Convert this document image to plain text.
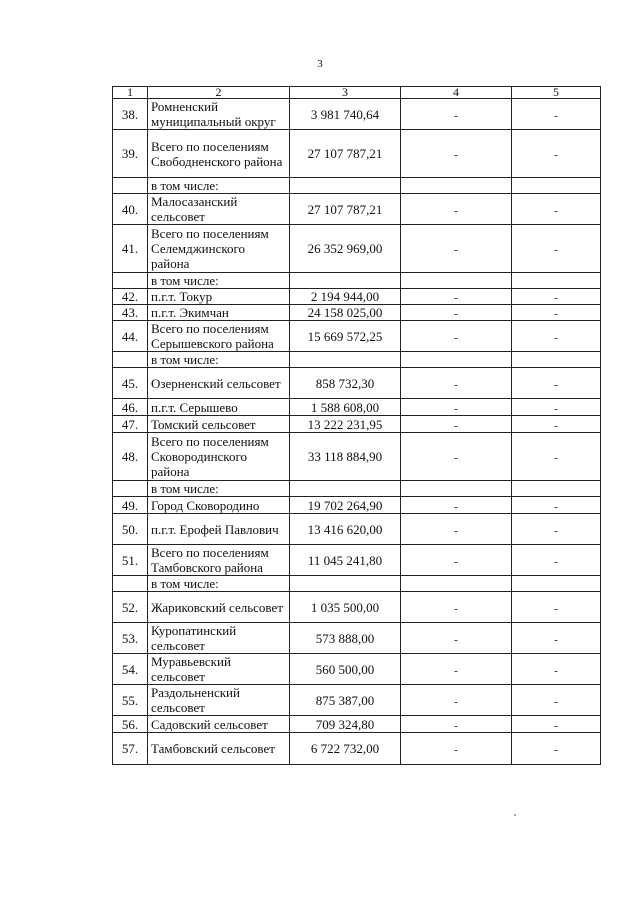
3
1	2	3	4	5
38.	Ромненский муниципальный округ	3 981 740,64	-	-
39.	Всего по поселениям Свободненского района	27 107 787,21	-	-
	в том числе:			
40.	Малосазанский сельсовет	27 107 787,21	-	-
41.	Всего по поселениям Селемджинского района	26 352 969,00	-	-
	в том числе:			
42.	п.г.т. Токур	2 194 944,00	-	-
43.	п.г.т. Экимчан	24 158 025,00	-	-
44.	Всего по поселениям Серышевского района	15 669 572,25	-	-
	в том числе:			
45.	Озерненский сельсовет	858 732,30	-	-
46.	п.г.т. Серышево	1 588 608,00	-	-
47.	Томский сельсовет	13 222 231,95	-	-
48.	Всего по поселениям Сковородинского района	33 118 884,90	-	-
	в том числе:			
49.	Город Сковородино	19 702 264,90	-	-
50.	п.г.т. Ерофей Павлович	13 416 620,00	-	-
51.	Всего по поселениям Тамбовского района	11 045 241,80	-	-
	в том числе:			
52.	Жариковский сельсовет	1 035 500,00	-	-
53.	Куропатинский сельсовет	573 888,00	-	-
54.	Муравьевский сельсовет	560 500,00	-	-
55.	Раздольненский сельсовет	875 387,00	-	-
56.	Садовский сельсовет	709 324,80	-	-
57.	Тамбовский сельсовет	6 722 732,00	-	-
